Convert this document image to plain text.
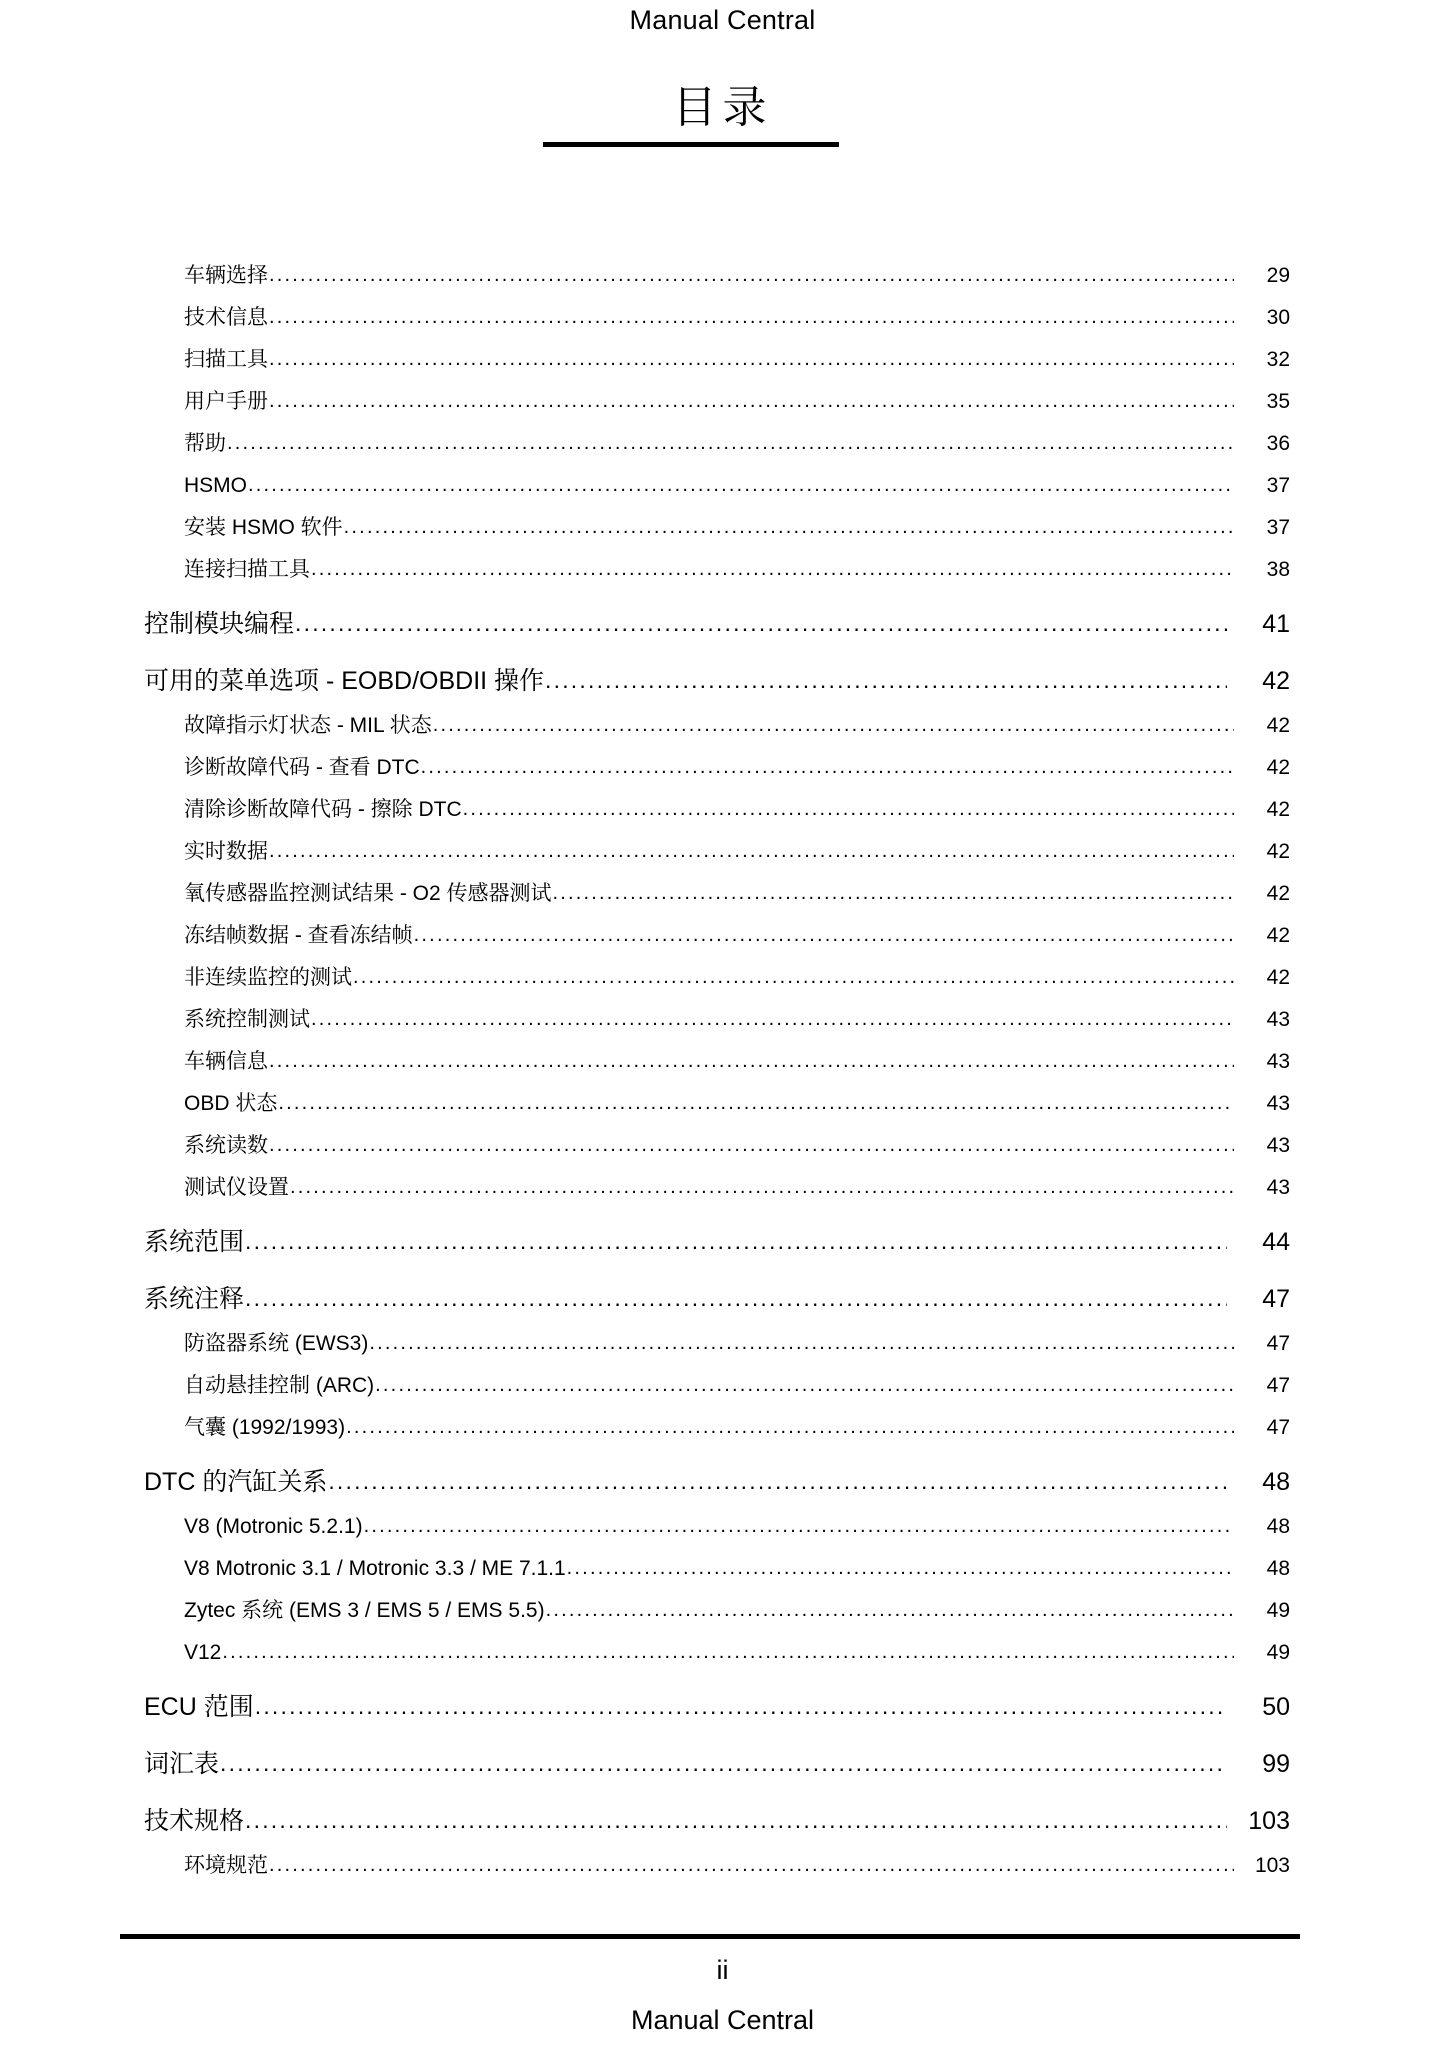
Manual Central
目录
车辆选择 .....	29
技术信息 .....	30
扫描工具 .....	32
用户手册 .....	35
帮助 .....	36
HSMO .....	37
安装 HSMO 软件 .....	37
连接扫描工具 .....	38
控制模块编程 .....	41
可用的菜单选项 - EOBD/OBDII 操作 .....	42
故障指示灯状态 - MIL 状态 .....	42
诊断故障代码 - 查看 DTC .....	42
清除诊断故障代码 - 擦除 DTC .....	42
实时数据 .....	42
氧传感器监控测试结果 - O2 传感器测试 .....	42
冻结帧数据 - 查看冻结帧 .....	42
非连续监控的测试 .....	42
系统控制测试 .....	43
车辆信息 .....	43
OBD 状态 .....	43
系统读数 .....	43
测试仪设置 .....	43
系统范围 .....	44
系统注释 .....	47
防盗器系统 (EWS3) .....	47
自动悬挂控制 (ARC) .....	47
气囊 (1992/1993) .....	47
DTC 的汽缸关系 .....	48
V8 (Motronic 5.2.1) .....	48
V8 Motronic 3.1 / Motronic 3.3 / ME 7.1.1 .....	48
Zytec 系统 (EMS 3 / EMS 5 / EMS 5.5) .....	49
V12 .....	49
ECU 范围 .....	50
词汇表 .....	99
技术规格 .....	103
环境规范 .....	103
ii
Manual Central
